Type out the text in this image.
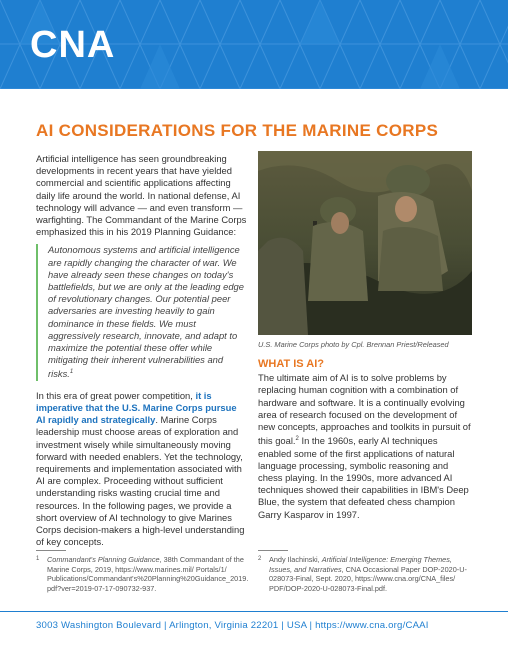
CNA
AI CONSIDERATIONS FOR THE MARINE CORPS

Artificial intelligence has seen groundbreaking developments in recent years that have yielded commercial and scientific applications affecting daily life around the world. In national defense, AI technology will advance — and even transform — warfighting. The Commandant of the Marine Corps emphasized this in his 2019 Planning Guidance:

Autonomous systems and artificial intelligence are rapidly changing the character of war. We have already seen these changes on today's battlefields, but we are only at the leading edge of revolutionary changes. Our potential peer adversaries are investing heavily to gain dominance in these fields. We must aggressively research, innovate, and adapt to maximize the potential these offer while mitigating their inherent vulnerabilities and risks.$^1$

In this era of great power competition, it is imperative that the U.S. Marine Corps pursue AI rapidly and strategically. Marine Corps leadership must choose areas of exploration and investment wisely while simultaneously moving forward with needed enablers. Yet the technology, requirements and implementation associated with AI are complex. Proceeding without sufficient understanding risks wasting crucial time and resources. In the following pages, we provide a short overview of AI technology to give Marines Corps decision-makers a high-level understanding of key concepts.

U.S. Marine Corps photo by Cpl. Brennan Priest/Released
WHAT IS AI?

The ultimate aim of AI is to solve problems by replacing human cognition with a combination of hardware and software. It is a continually evolving area of research focused on the development of new concepts, approaches and toolkits in pursuit of this goal.$^2$ In the 1960s, early AI techniques enabled some of the first applications of natural language processing, symbolic reasoning and chess playing. In the 1990s, more advanced AI techniques showed their capabilities in IBM's Deep Blue, the system that defeated chess champion Garry Kasparov in 1997.

1 Commandant's Planning Guidance, 38th Commandant of the Marine Corps, 2019, https://www.marines.mil/ Portals/1/ Publications/Commandant's%20Planning%20Guidance_2019. pdf?ver=2019-07-17-090732-937.
2 Andy Ilachinski, Artificial Intelligence: Emerging Themes, Issues, and Narratives, CNA Occasional Paper DOP-2020-U-028073-Final, Sept. 2020, https://www.cna.org/CNA_files/ PDF/DOP-2020-U-028073-Final.pdf.
3003 Washington Boulevard | Arlington, Virginia 22201 | USA | https://www.cna.org/CAAI
